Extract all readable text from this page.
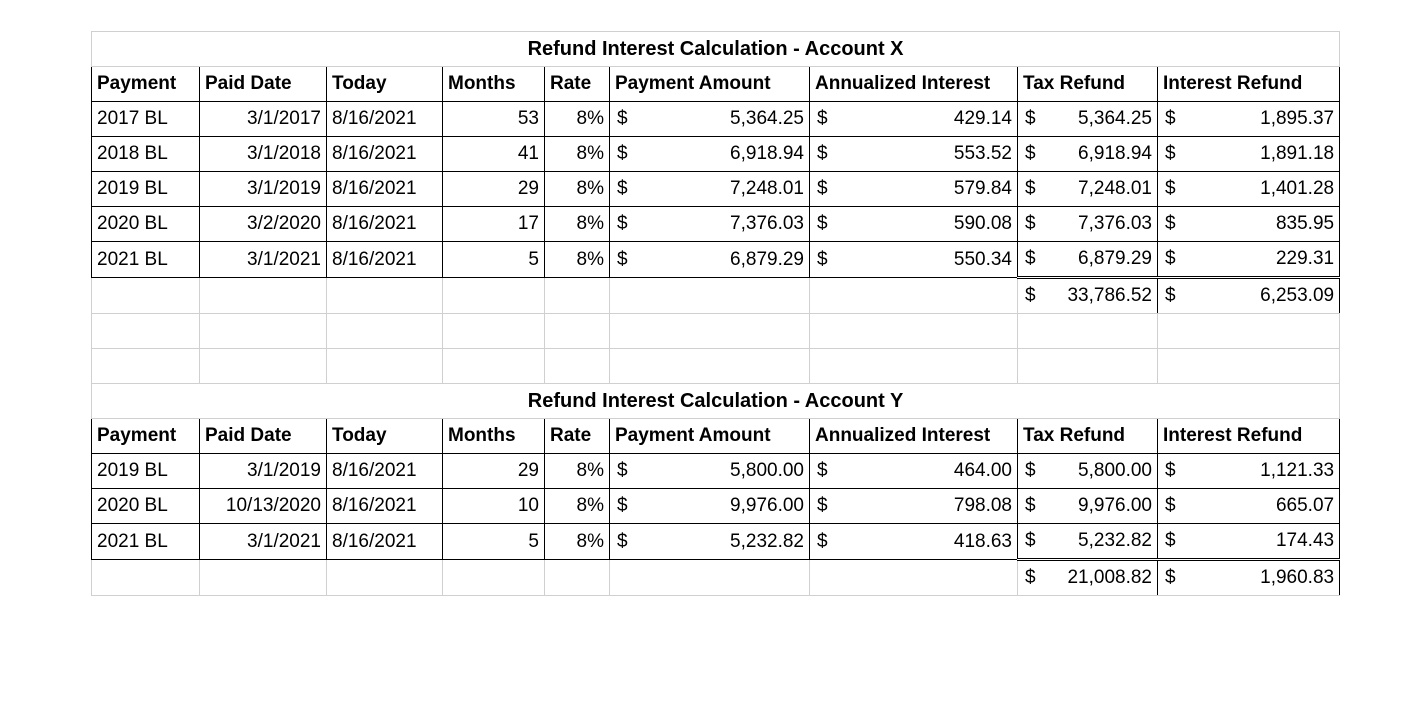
Refund Interest Calculation - Account X								
Payment	Paid Date	Today	Months	Rate	Payment Amount	Annualized Interest	Tax Refund	Interest Refund
2017 BL	3/1/2017	8/16/2021	53	8%	$ 5,364.25	$ 429.14	$ 5,364.25	$ 1,895.37
2018 BL	3/1/2018	8/16/2021	41	8%	$ 6,918.94	$ 553.52	$ 6,918.94	$ 1,891.18
2019 BL	3/1/2019	8/16/2021	29	8%	$ 7,248.01	$ 579.84	$ 7,248.01	$ 1,401.28
2020 BL	3/2/2020	8/16/2021	17	8%	$ 7,376.03	$ 590.08	$ 7,376.03	$ 835.95
2021 BL	3/1/2021	8/16/2021	5	8%	$ 6,879.29	$ 550.34	$ 6,879.29	$ 229.31

							$ 33,786.52	$ 6,253.09

Refund Interest Calculation - Account Y								
Payment	Paid Date	Today	Months	Rate	Payment Amount	Annualized Interest	Tax Refund	Interest Refund
2019 BL	3/1/2019	8/16/2021	29	8%	$ 5,800.00	$ 464.00	$ 5,800.00	$ 1,121.33
2020 BL	10/13/2020	8/16/2021	10	8%	$ 9,976.00	$ 798.08	$ 9,976.00	$ 665.07
2021 BL	3/1/2021	8/16/2021	5	8%	$ 5,232.82	$ 418.63	$ 5,232.82	$ 174.43

							$ 21,008.82	$ 1,960.83
